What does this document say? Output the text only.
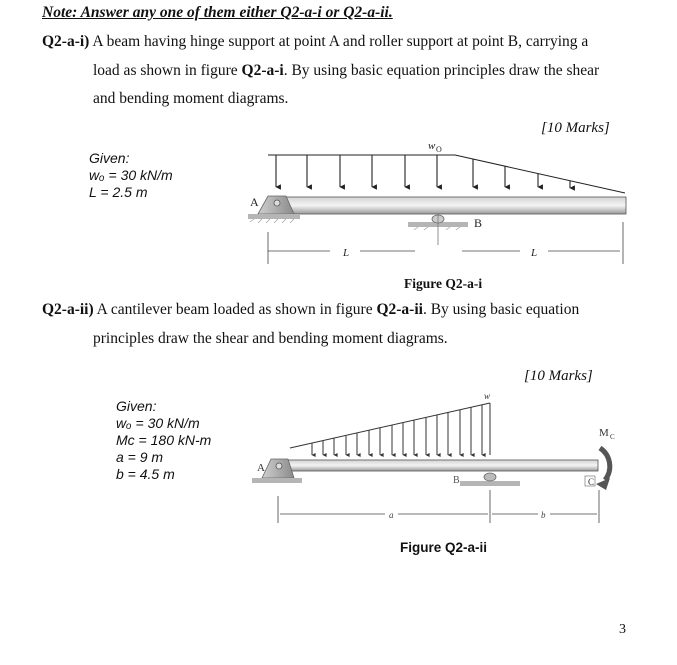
Note: Answer any one of them either Q2-a-i or Q2-a-ii.
Q2-a-i) A beam having hinge support at point A and roller support at point B, carrying a
load as shown in figure Q2-a-i. By using basic equation principles draw the shear
and bending moment diagrams.
[10 Marks]
Given:
wₒ = 30 kN/m
L = 2.5 m
w O
A
B
L	L
Figure Q2-a-i
Q2-a-ii) A cantilever beam loaded as shown in figure Q2-a-ii. By using basic equation
principles draw the shear and bending moment diagrams.
[10 Marks]
Given:
wₒ = 30 kN/m
Mc = 180 kN-m
a = 9 m
b = 4.5 m
w
A
B	C
M C
a	b
Figure Q2-a-ii
3
